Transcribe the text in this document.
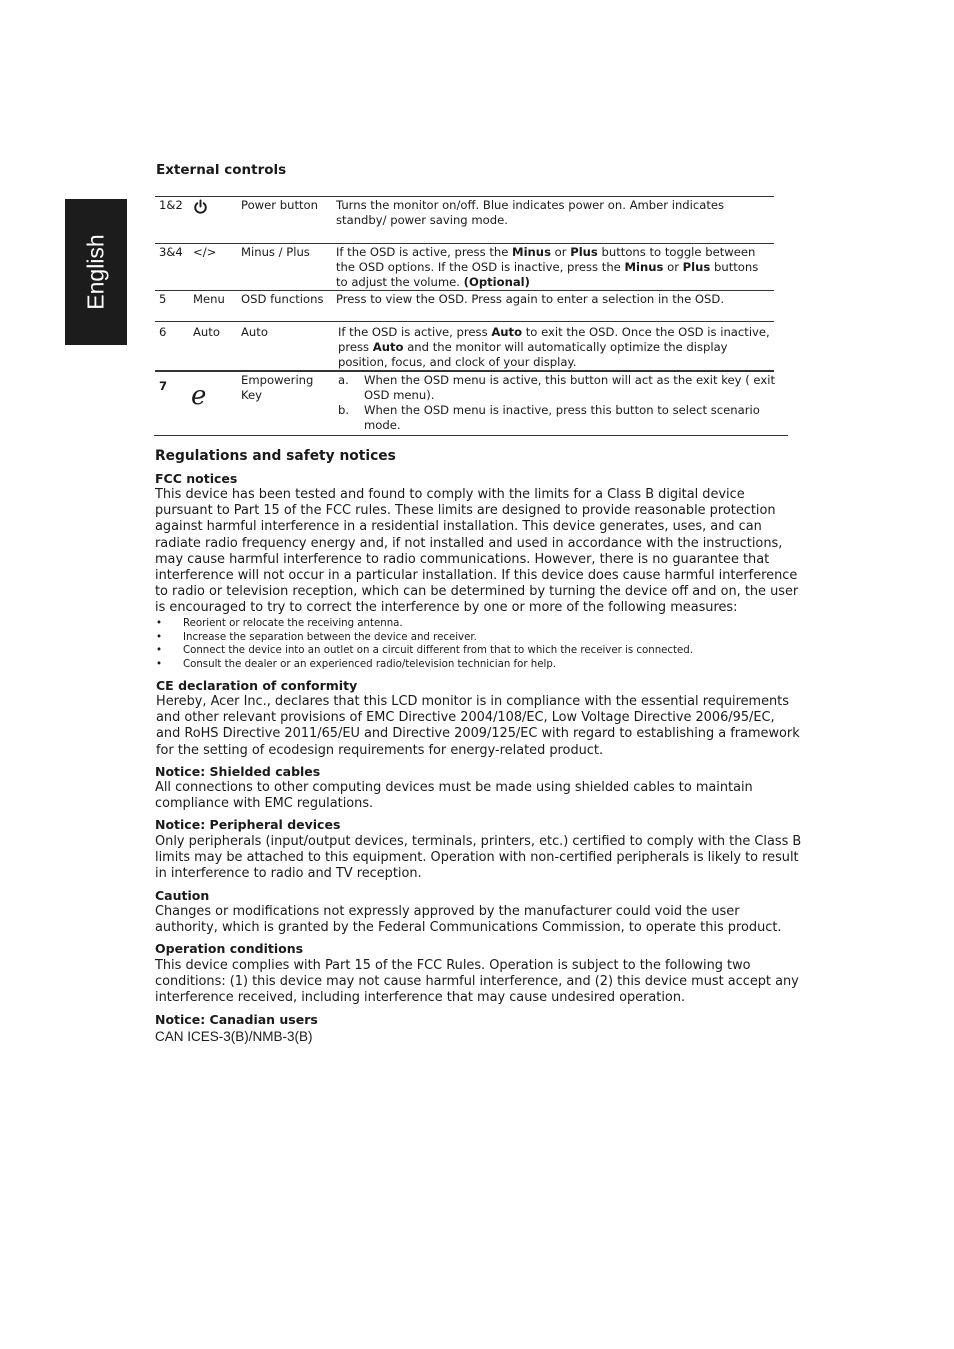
English
External controls
1&2	Power button Turns the monitor on/off. Blue indicates power on. Amber indicates
standby/ power saving mode.
3&4 </> Minus / Plus If the OSD is active, press the Minus or Plus buttons to toggle between the OSD options. If the OSD is inactive, press the Minus or Plus buttons to adjust the volume. (Optional)
5 Menu OSD functions Press to view the OSD. Press again to enter a selection in the OSD.
6 Auto Auto	If the OSD is active, press Auto to exit the OSD. Once the OSD is inactive, press Auto and the monitor will automatically optimize the display position, focus, and clock of your display.
7 e
Empowering
Key
a. When the OSD menu is active, this button will act as the exit key ( exit OSD menu).
b. When the OSD menu is inactive, press this button to select scenario mode.
Regulations and safety notices
FCC notices
This device has been tested and found to comply with the limits for a Class B digital device pursuant to Part 15 of the FCC rules. These limits are designed to provide reasonable protection against harmful interference in a residential installation. This device generates, uses, and can radiate radio frequency energy and, if not installed and used in accordance with the instructions, may cause harmful interference to radio communications. However, there is no guarantee that interference will not occur in a particular installation. If this device does cause harmful interference to radio or television reception, which can be determined by turning the device off and on, the user is encouraged to try to correct the interference by one or more of the following measures:
• Reorient or relocate the receiving antenna.
• Increase the separation between the device and receiver.
• Connect the device into an outlet on a circuit different from that to which the receiver is connected.
• Consult the dealer or an experienced radio/television technician for help.
CE declaration of conformity
Hereby, Acer Inc., declares that this LCD monitor is in compliance with the essential requirements and other relevant provisions of EMC Directive 2004/108/EC, Low Voltage Directive 2006/95/EC, and RoHS Directive 2011/65/EU and Directive 2009/125/EC with regard to establishing a framework for the setting of ecodesign requirements for energy-related product.
Notice: Shielded cables
All connections to other computing devices must be made using shielded cables to maintain compliance with EMC regulations.
Notice: Peripheral devices
Only peripherals (input/output devices, terminals, printers, etc.) certified to comply with the Class B limits may be attached to this equipment. Operation with non-certified peripherals is likely to result in interference to radio and TV reception.
Caution
Changes or modifications not expressly approved by the manufacturer could void the user authority, which is granted by the Federal Communications Commission, to operate this product.
Operation conditions
This device complies with Part 15 of the FCC Rules. Operation is subject to the following two conditions: (1) this device may not cause harmful interference, and (2) this device must accept any interference received, including interference that may cause undesired operation.
Notice: Canadian users
CAN ICES-3(B)/NMB-3(B)
